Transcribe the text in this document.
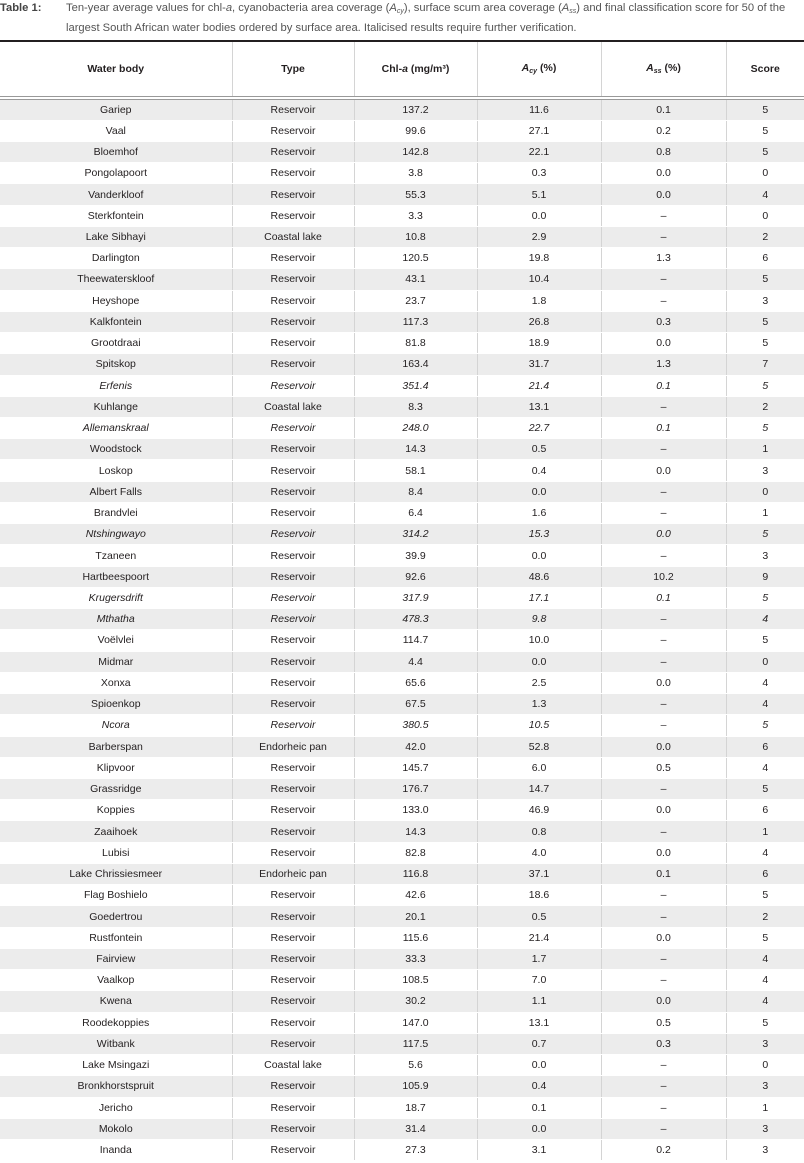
Table 1: Ten-year average values for chl-a, cyanobacteria area coverage $(A_{cy})$, surface scum area coverage $(A_{ss})$ and final classification score for 50 of the largest South African water bodies ordered by surface area. Italicised results require further verification.
Water body	Type	Chl-a (mg/m³)	$A_{cy}$ (%)	$A_{ss}$ (%)	Score

Gariep	Reservoir	137.2	11.6	0.1	5
Vaal	Reservoir	99.6	27.1	0.2	5
Bloemhof	Reservoir	142.8	22.1	0.8	5
Pongolapoort	Reservoir	3.8	0.3	0.0	0
Vanderkloof	Reservoir	55.3	5.1	0.0	4
Sterkfontein	Reservoir	3.3	0.0	–	0
Lake Sibhayi	Coastal lake	10.8	2.9	–	2
Darlington	Reservoir	120.5	19.8	1.3	6
Theewaterskloof	Reservoir	43.1	10.4	–	5
Heyshope	Reservoir	23.7	1.8	–	3
Kalkfontein	Reservoir	117.3	26.8	0.3	5
Grootdraai	Reservoir	81.8	18.9	0.0	5
Spitskop	Reservoir	163.4	31.7	1.3	7
Erfenis	Reservoir	351.4	21.4	0.1	5
Kuhlange	Coastal lake	8.3	13.1	–	2
Allemanskraal	Reservoir	248.0	22.7	0.1	5
Woodstock	Reservoir	14.3	0.5	–	1
Loskop	Reservoir	58.1	0.4	0.0	3
Albert Falls	Reservoir	8.4	0.0	–	0
Brandvlei	Reservoir	6.4	1.6	–	1
Ntshingwayo	Reservoir	314.2	15.3	0.0	5
Tzaneen	Reservoir	39.9	0.0	–	3
Hartbeespoort	Reservoir	92.6	48.6	10.2	9
Krugersdrift	Reservoir	317.9	17.1	0.1	5
Mthatha	Reservoir	478.3	9.8	–	4
Voëlvlei	Reservoir	114.7	10.0	–	5
Midmar	Reservoir	4.4	0.0	–	0
Xonxa	Reservoir	65.6	2.5	0.0	4
Spioenkop	Reservoir	67.5	1.3	–	4
Ncora	Reservoir	380.5	10.5	–	5
Barberspan	Endorheic pan	42.0	52.8	0.0	6
Klipvoor	Reservoir	145.7	6.0	0.5	4
Grassridge	Reservoir	176.7	14.7	–	5
Koppies	Reservoir	133.0	46.9	0.0	6
Zaaihoek	Reservoir	14.3	0.8	–	1
Lubisi	Reservoir	82.8	4.0	0.0	4
Lake Chrissiesmeer	Endorheic pan	116.8	37.1	0.1	6
Flag Boshielo	Reservoir	42.6	18.6	–	5
Goedertrou	Reservoir	20.1	0.5	–	2
Rustfontein	Reservoir	115.6	21.4	0.0	5
Fairview	Reservoir	33.3	1.7	–	4
Vaalkop	Reservoir	108.5	7.0	–	4
Kwena	Reservoir	30.2	1.1	0.0	4
Roodekoppies	Reservoir	147.0	13.1	0.5	5
Witbank	Reservoir	117.5	0.7	0.3	3
Lake Msingazi	Coastal lake	5.6	0.0	–	0
Bronkhorstspruit	Reservoir	105.9	0.4	–	3
Jericho	Reservoir	18.7	0.1	–	1
Mokolo	Reservoir	31.4	0.0	–	3
Inanda	Reservoir	27.3	3.1	0.2	3
